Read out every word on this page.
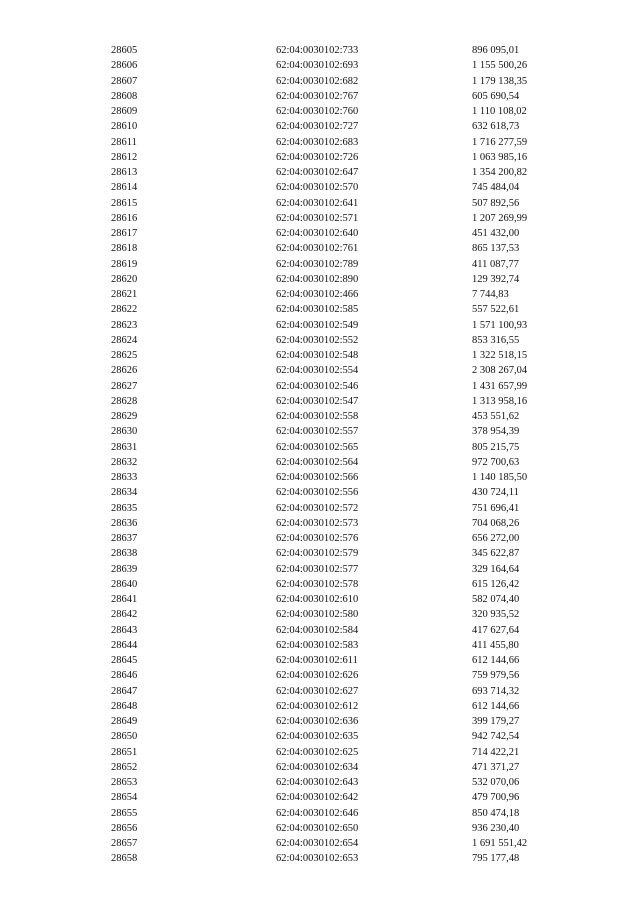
28605	62:04:0030102:733	896 095,01
28606	62:04:0030102:693	1 155 500,26
28607	62:04:0030102:682	1 179 138,35
28608	62:04:0030102:767	605 690,54
28609	62:04:0030102:760	1 110 108,02
28610	62:04:0030102:727	632 618,73
28611	62:04:0030102:683	1 716 277,59
28612	62:04:0030102:726	1 063 985,16
28613	62:04:0030102:647	1 354 200,82
28614	62:04:0030102:570	745 484,04
28615	62:04:0030102:641	507 892,56
28616	62:04:0030102:571	1 207 269,99
28617	62:04:0030102:640	451 432,00
28618	62:04:0030102:761	865 137,53
28619	62:04:0030102:789	411 087,77
28620	62:04:0030102:890	129 392,74
28621	62:04:0030102:466	7 744,83
28622	62:04:0030102:585	557 522,61
28623	62:04:0030102:549	1 571 100,93
28624	62:04:0030102:552	853 316,55
28625	62:04:0030102:548	1 322 518,15
28626	62:04:0030102:554	2 308 267,04
28627	62:04:0030102:546	1 431 657,99
28628	62:04:0030102:547	1 313 958,16
28629	62:04:0030102:558	453 551,62
28630	62:04:0030102:557	378 954,39
28631	62:04:0030102:565	805 215,75
28632	62:04:0030102:564	972 700,63
28633	62:04:0030102:566	1 140 185,50
28634	62:04:0030102:556	430 724,11
28635	62:04:0030102:572	751 696,41
28636	62:04:0030102:573	704 068,26
28637	62:04:0030102:576	656 272,00
28638	62:04:0030102:579	345 622,87
28639	62:04:0030102:577	329 164,64
28640	62:04:0030102:578	615 126,42
28641	62:04:0030102:610	582 074,40
28642	62:04:0030102:580	320 935,52
28643	62:04:0030102:584	417 627,64
28644	62:04:0030102:583	411 455,80
28645	62:04:0030102:611	612 144,66
28646	62:04:0030102:626	759 979,56
28647	62:04:0030102:627	693 714,32
28648	62:04:0030102:612	612 144,66
28649	62:04:0030102:636	399 179,27
28650	62:04:0030102:635	942 742,54
28651	62:04:0030102:625	714 422,21
28652	62:04:0030102:634	471 371,27
28653	62:04:0030102:643	532 070,06
28654	62:04:0030102:642	479 700,96
28655	62:04:0030102:646	850 474,18
28656	62:04:0030102:650	936 230,40
28657	62:04:0030102:654	1 691 551,42
28658	62:04:0030102:653	795 177,48
